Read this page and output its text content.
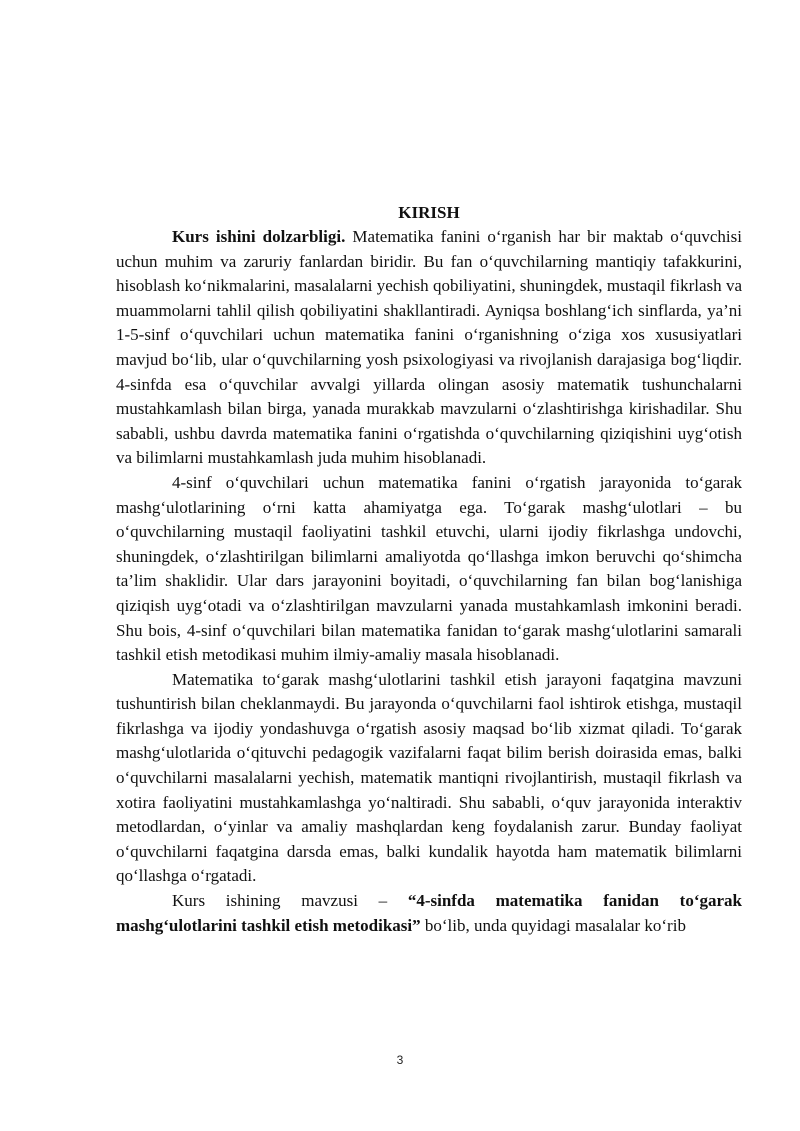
KIRISH

Kurs ishini dolzarbligi. Matematika fanini o‘rganish har bir maktab o‘quvchisi uchun muhim va zaruriy fanlardan biridir. Bu fan o‘quvchilarning mantiqiy tafakkurini, hisoblash ko‘nikmalarini, masalalarni yechish qobiliyatini, shuningdek, mustaqil fikrlash va muammolarni tahlil qilish qobiliyatini shakllantiradi. Ayniqsa boshlang‘ich sinflarda, ya’ni 1-5-sinf o‘quvchilari uchun matematika fanini o‘rganishning o‘ziga xos xususiyatlari mavjud bo‘lib, ular o‘quvchilarning yosh psixologiyasi va rivojlanish darajasiga bog‘liqdir. 4-sinfda esa o‘quvchilar avvalgi yillarda olingan asosiy matematik tushunchalarni mustahkamlash bilan birga, yanada murakkab mavzularni o‘zlashtirishga kirishadilar. Shu sababli, ushbu davrda matematika fanini o‘rgatishda o‘quvchilarning qiziqishini uyg‘otish va bilimlarni mustahkamlash juda muhim hisoblanadi.

4-sinf o‘quvchilari uchun matematika fanini o‘rgatish jarayonida to‘garak mashg‘ulotlarining o‘rni katta ahamiyatga ega. To‘garak mashg‘ulotlari – bu o‘quvchilarning mustaqil faoliyatini tashkil etuvchi, ularni ijodiy fikrlashga undovchi, shuningdek, o‘zlashtirilgan bilimlarni amaliyotda qo‘llashga imkon beruvchi qo‘shimcha ta’lim shaklidir. Ular dars jarayonini boyitadi, o‘quvchilarning fan bilan bog‘lanishiga qiziqish uyg‘otadi va o‘zlashtirilgan mavzularni yanada mustahkamlash imkonini beradi. Shu bois, 4-sinf o‘quvchilari bilan matematika fanidan to‘garak mashg‘ulotlarini samarali tashkil etish metodikasi muhim ilmiy-amaliy masala hisoblanadi.

Matematika to‘garak mashg‘ulotlarini tashkil etish jarayoni faqatgina mavzuni tushuntirish bilan cheklanmaydi. Bu jarayonda o‘quvchilarni faol ishtirok etishga, mustaqil fikrlashga va ijodiy yondashuvga o‘rgatish asosiy maqsad bo‘lib xizmat qiladi. To‘garak mashg‘ulotlarida o‘qituvchi pedagogik vazifalarni faqat bilim berish doirasida emas, balki o‘quvchilarni masalalarni yechish, matematik mantiqni rivojlantirish, mustaqil fikrlash va xotira faoliyatini mustahkamlashga yo‘naltiradi. Shu sababli, o‘quv jarayonida interaktiv metodlardan, o‘yinlar va amaliy mashqlardan keng foydalanish zarur. Bunday faoliyat o‘quvchilarni faqatgina darsda emas, balki kundalik hayotda ham matematik bilimlarni qo‘llashga o‘rgatadi.

Kurs ishining mavzusi – “4-sinfda matematika fanidan to‘garak mashg‘ulotlarini tashkil etish metodikasi” bo‘lib, unda quyidagi masalalar ko‘rib

3
